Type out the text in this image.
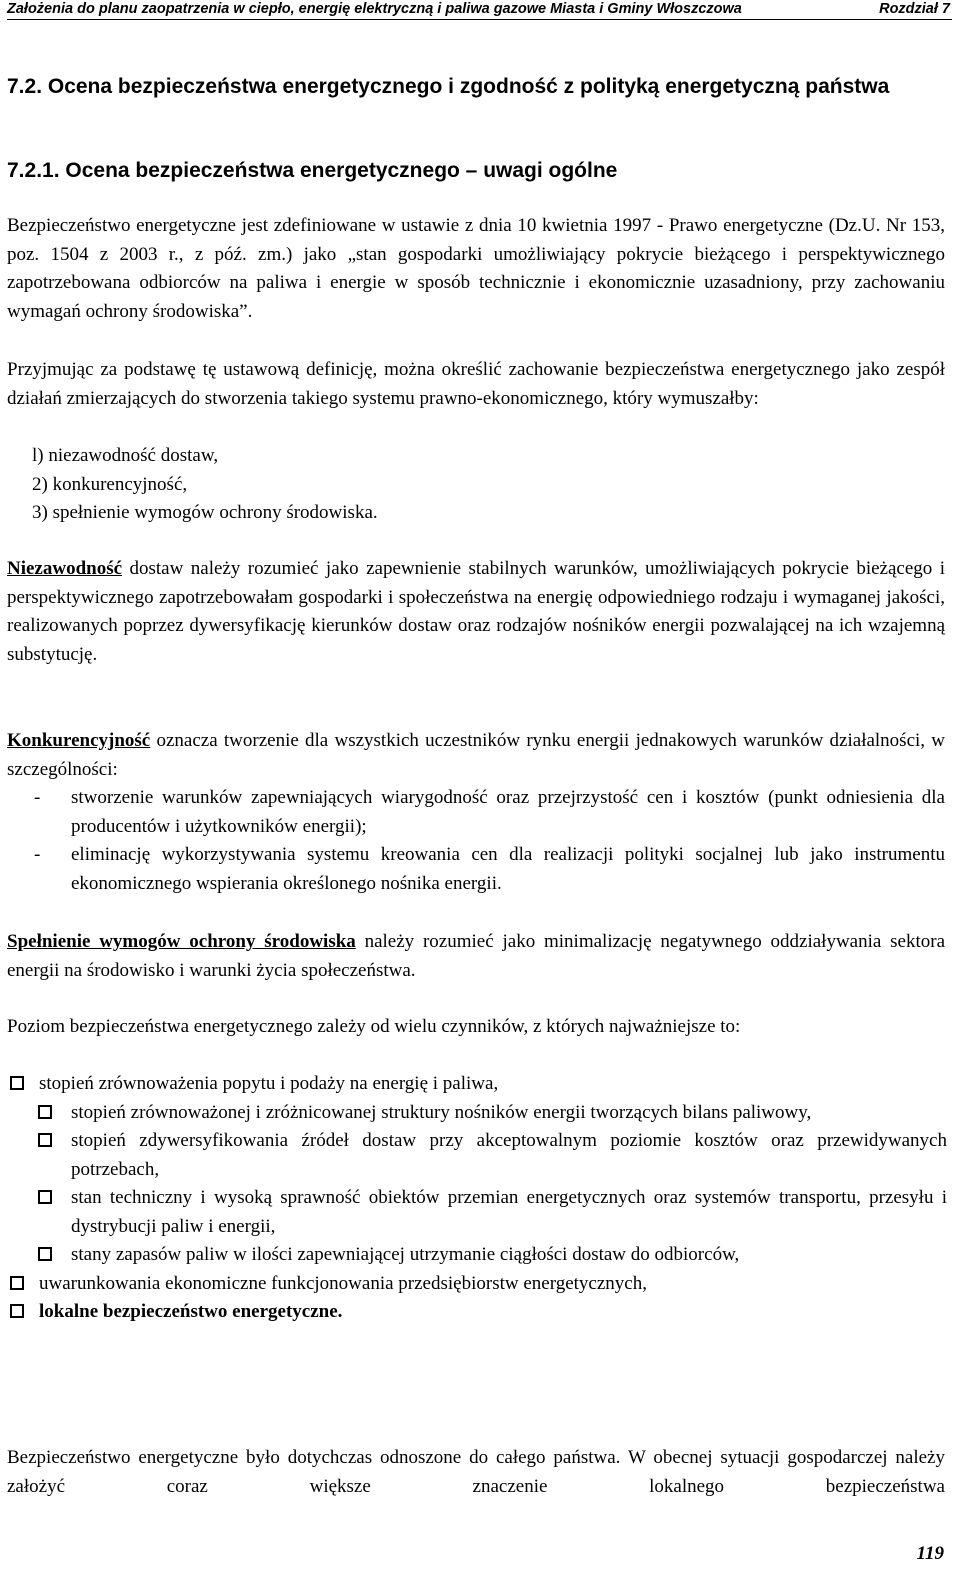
Założenia do planu zaopatrzenia w ciepło, energię elektryczną i paliwa gazowe Miasta i Gminy Włoszczowa	Rozdział 7
7.2. Ocena bezpieczeństwa energetycznego i zgodność z polityką energetyczną państwa
7.2.1. Ocena bezpieczeństwa energetycznego – uwagi ogólne

Bezpieczeństwo energetyczne jest zdefiniowane w ustawie z dnia 10 kwietnia 1997 - Prawo energetyczne (Dz.U. Nr 153, poz. 1504 z 2003 r., z póź. zm.) jako „stan gospodarki umożliwiający pokrycie bieżącego i perspektywicznego zapotrzebowana odbiorców na paliwa i energie w sposób technicznie i ekonomicznie uzasadniony, przy zachowaniu wymagań ochrony środowiska”.

Przyjmując za podstawę tę ustawową definicję, można określić zachowanie bezpieczeństwa energetycznego jako zespół działań zmierzających do stworzenia takiego systemu prawno-ekonomicznego, który wymuszałby:

l) niezawodność dostaw,
2) konkurencyjność,
3) spełnienie wymogów ochrony środowiska.

Niezawodność dostaw należy rozumieć jako zapewnienie stabilnych warunków, umożliwiających pokrycie bieżącego i perspektywicznego zapotrzebowałam gospodarki i społeczeństwa na energię odpowiedniego rodzaju i wymaganej jakości, realizowanych poprzez dywersyfikację kierunków dostaw oraz rodzajów nośników energii pozwalającej na ich wzajemną substytucję.

Konkurencyjność oznacza tworzenie dla wszystkich uczestników rynku energii jednakowych warunków działalności, w szczególności:

- stworzenie warunków zapewniających wiarygodność oraz przejrzystość cen i kosztów (punkt odniesienia dla producentów i użytkowników energii);
- eliminację wykorzystywania systemu kreowania cen dla realizacji polityki socjalnej lub jako instrumentu ekonomicznego wspierania określonego nośnika energii.

Spełnienie wymogów ochrony środowiska należy rozumieć jako minimalizację negatywnego oddziaływania sektora energii na środowisko i warunki życia społeczeństwa.

Poziom bezpieczeństwa energetycznego zależy od wielu czynników, z których najważniejsze to:

stopień zrównoważenia popytu i podaży na energię i paliwa,
stopień zrównoważonej i zróżnicowanej struktury nośników energii tworzących bilans paliwowy,
stopień zdywersyfikowania źródeł dostaw przy akceptowalnym poziomie kosztów oraz przewidywanych potrzebach,
stan techniczny i wysoką sprawność obiektów przemian energetycznych oraz systemów transportu, przesyłu i dystrybucji paliw i energii,
stany zapasów paliw w ilości zapewniającej utrzymanie ciągłości dostaw do odbiorców,
uwarunkowania ekonomiczne funkcjonowania przedsiębiorstw energetycznych,
lokalne bezpieczeństwo energetyczne.

Bezpieczeństwo energetyczne było dotychczas odnoszone do całego państwa. W obecnej sytuacji gospodarczej należy założyć coraz większe znaczenie lokalnego bezpieczeństwa

119
